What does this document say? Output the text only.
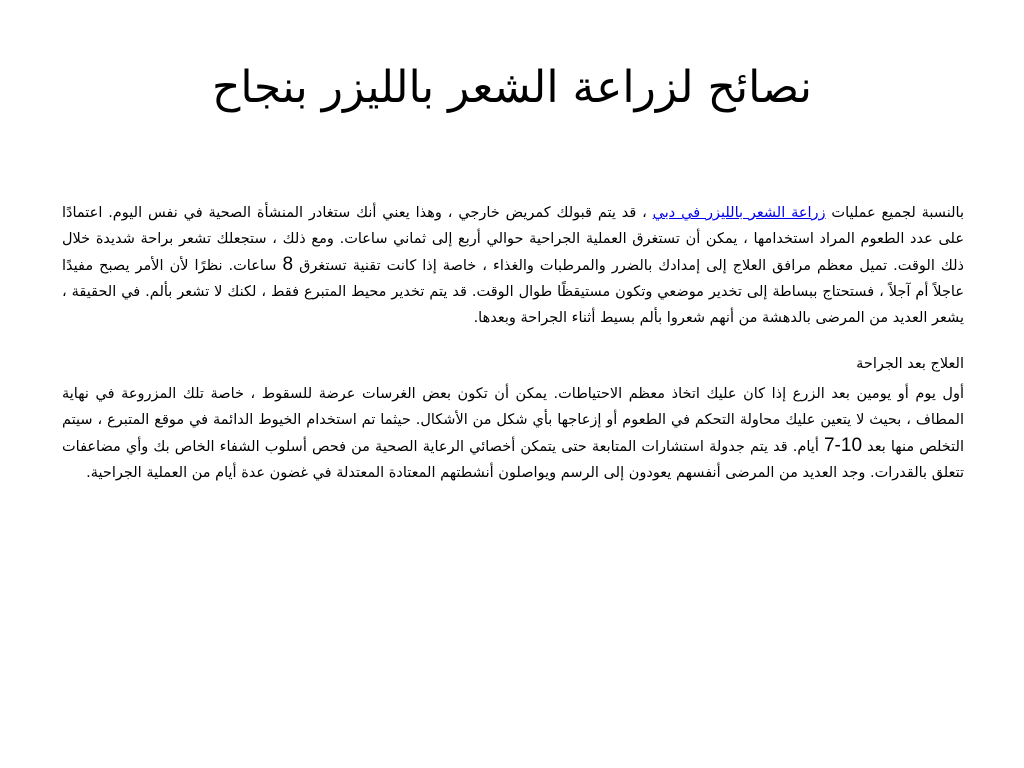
نصائح لزراعة الشعر بالليزر بنجاح

بالنسبة لجميع عمليات زراعة الشعر بالليزر في دبي ، قد يتم قبولك كمريض خارجي ، وهذا يعني أنك ستغادر المنشأة الصحية في نفس اليوم. اعتمادًا على عدد الطعوم المراد استخدامها ، يمكن أن تستغرق العملية الجراحية حوالي أربع إلى ثماني ساعات. ومع ذلك ، ستجعلك تشعر براحة شديدة خلال ذلك الوقت. تميل معظم مرافق العلاج إلى إمدادك بالضرر والمرطبات والغذاء ، خاصة إذا كانت تقنية تستغرق 8 ساعات. نظرًا لأن الأمر يصبح مفيدًا عاجلاً أم آجلاً ، فستحتاج ببساطة إلى تخدير موضعي وتكون مستيقظًا طوال الوقت. قد يتم تخدير محيط المتبرع فقط ، لكنك لا تشعر بألم. في الحقيقة ، يشعر العديد من المرضى بالدهشة من أنهم شعروا بألم بسيط أثناء الجراحة وبعدها.

العلاج بعد الجراحة

أول يوم أو يومين بعد الزرع إذا كان عليك اتخاذ معظم الاحتياطات. يمكن أن تكون بعض الغرسات عرضة للسقوط ، خاصة تلك المزروعة في نهاية المطاف ، بحيث لا يتعين عليك محاولة التحكم في الطعوم أو إزعاجها بأي شكل من الأشكال. حيثما تم استخدام الخيوط الدائمة في موقع المتبرع ، سيتم التخلص منها بعد 7-10 أيام. قد يتم جدولة استشارات المتابعة حتى يتمكن أخصائي الرعاية الصحية من فحص أسلوب الشفاء الخاص بك وأي مضاعفات تتعلق بالقدرات. وجد العديد من المرضى أنفسهم يعودون إلى الرسم ويواصلون أنشطتهم المعتادة المعتدلة في غضون عدة أيام من العملية الجراحية.
